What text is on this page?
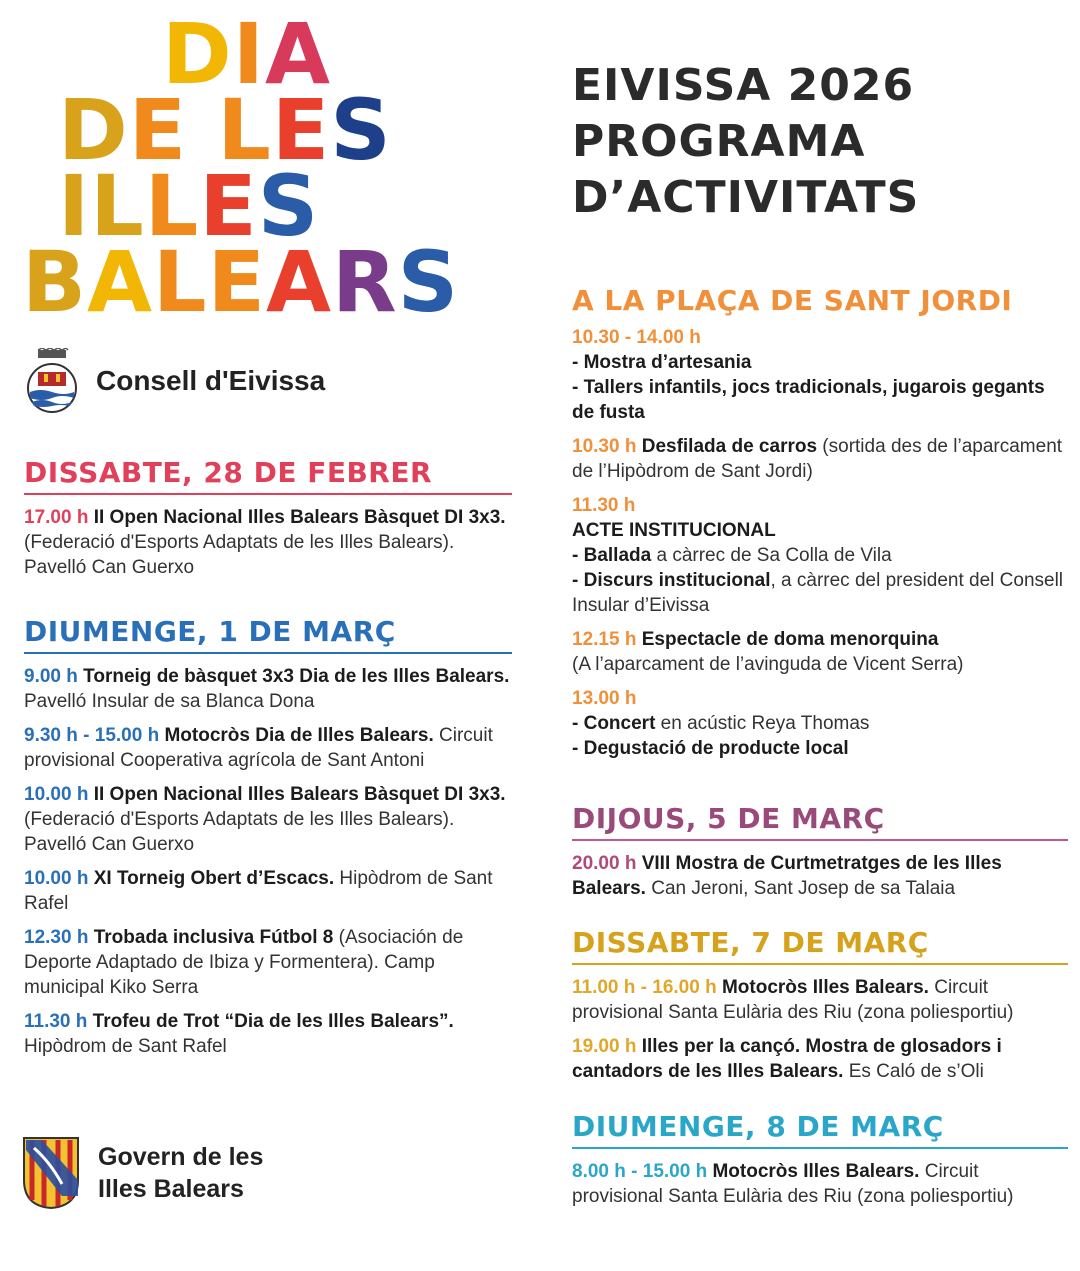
DIA
DE LES
ILLES
BALEARS
Consell d'Eivissa
Govern de les
Illes Balears
EIVISSA 2026
PROGRAMA
D’ACTIVITATS
DISSABTE, 28 DE FEBRER
17.00 h II Open Nacional Illes Balears Bàsquet DI 3x3. (Federació d'Esports Adaptats de les Illes Balears). Pavelló Can Guerxo
DIUMENGE, 1 DE MARÇ
9.00 h Torneig de bàsquet 3x3 Dia de les Illes Balears. Pavelló Insular de sa Blanca Dona
9.30 h - 15.00 h Motocròs Dia de Illes Balears. Circuit provisional Cooperativa agrícola de Sant Antoni
10.00 h II Open Nacional Illes Balears Bàsquet DI 3x3. (Federació d'Esports Adaptats de les Illes Balears). Pavelló Can Guerxo
10.00 h XI Torneig Obert d’Escacs. Hipòdrom de Sant Rafel
12.30 h Trobada inclusiva Fútbol 8 (Asociación de Deporte Adaptado de Ibiza y Formentera). Camp municipal Kiko Serra
11.30 h Trofeu de Trot “Dia de les Illes Balears”. Hipòdrom de Sant Rafel
A LA PLAÇA DE SANT JORDI
10.30 - 14.00 h
- Mostra d’artesania
- Tallers infantils, jocs tradicionals, jugarois gegants de fusta
10.30 h Desfilada de carros (sortida des de l’aparcament de l’Hipòdrom de Sant Jordi)
11.30 h
ACTE INSTITUCIONAL
- Ballada a càrrec de Sa Colla de Vila
- Discurs institucional, a càrrec del president del Consell Insular d’Eivissa
12.15 h Espectacle de doma menorquina
(A l’aparcament de l’avinguda de Vicent Serra)
13.00 h
- Concert en acústic Reya Thomas
- Degustació de producte local
DIJOUS, 5 DE MARÇ
20.00 h VIII Mostra de Curtmetratges de les Illes Balears. Can Jeroni, Sant Josep de sa Talaia
DISSABTE, 7 DE MARÇ
11.00 h - 16.00 h Motocròs Illes Balears. Circuit provisional Santa Eulària des Riu (zona poliesportiu)
19.00 h Illes per la cançó. Mostra de glosadors i cantadors de les Illes Balears. Es Caló de s’Oli
DIUMENGE, 8 DE MARÇ
8.00 h - 15.00 h Motocròs Illes Balears. Circuit provisional Santa Eulària des Riu (zona poliesportiu)
